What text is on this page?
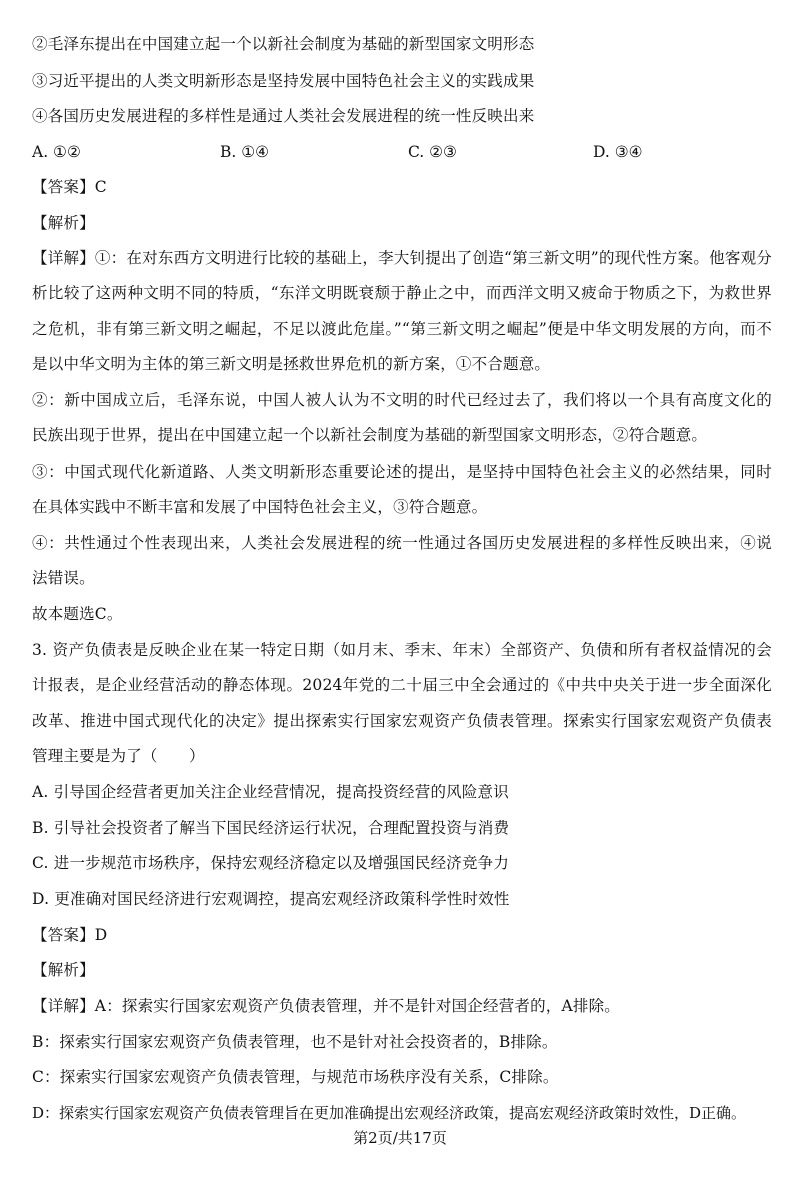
②毛泽东提出在中国建立起一个以新社会制度为基础的新型国家文明形态
③习近平提出的人类文明新形态是坚持发展中国特色社会主义的实践成果
④各国历史发展进程的多样性是通过人类社会发展进程的统一性反映出来
A. ①②	B. ①④	C. ②③	D. ③④
【答案】C
【解析】
【详解】①：在对东西方文明进行比较的基础上，李大钊提出了创造“第三新文明”的现代性方案。他客观分
析比较了这两种文明不同的特质，“东洋文明既衰颓于静止之中，而西洋文明又疲命于物质之下，为救世界
之危机，非有第三新文明之崛起，不足以渡此危崖。”“第三新文明之崛起”便是中华文明发展的方向，而不
是以中华文明为主体的第三新文明是拯救世界危机的新方案，①不合题意。
②：新中国成立后，毛泽东说，中国人被人认为不文明的时代已经过去了，我们将以一个具有高度文化的
民族出现于世界，提出在中国建立起一个以新社会制度为基础的新型国家文明形态，②符合题意。
③：中国式现代化新道路、人类文明新形态重要论述的提出，是坚持中国特色社会主义的必然结果，同时
在具体实践中不断丰富和发展了中国特色社会主义，③符合题意。
④：共性通过个性表现出来，人类社会发展进程的统一性通过各国历史发展进程的多样性反映出来，④说
法错误。
故本题选C。
3. 资产负债表是反映企业在某一特定日期（如月末、季末、年末）全部资产、负债和所有者权益情况的会
计报表，是企业经营活动的静态体现。2024年党的二十届三中全会通过的《中共中央关于进一步全面深化
改革、推进中国式现代化的决定》提出探索实行国家宏观资产负债表管理。探索实行国家宏观资产负债表
管理主要是为了（　　）
A. 引导国企经营者更加关注企业经营情况，提高投资经营的风险意识
B. 引导社会投资者了解当下国民经济运行状况，合理配置投资与消费
C. 进一步规范市场秩序，保持宏观经济稳定以及增强国民经济竞争力
D. 更准确对国民经济进行宏观调控，提高宏观经济政策科学性时效性
【答案】D
【解析】
【详解】A：探索实行国家宏观资产负债表管理，并不是针对国企经营者的，A排除。
B：探索实行国家宏观资产负债表管理，也不是针对社会投资者的，B排除。
C：探索实行国家宏观资产负债表管理，与规范市场秩序没有关系，C排除。
D：探索实行国家宏观资产负债表管理旨在更加准确提出宏观经济政策，提高宏观经济政策时效性，D正确。
第2页/共17页
